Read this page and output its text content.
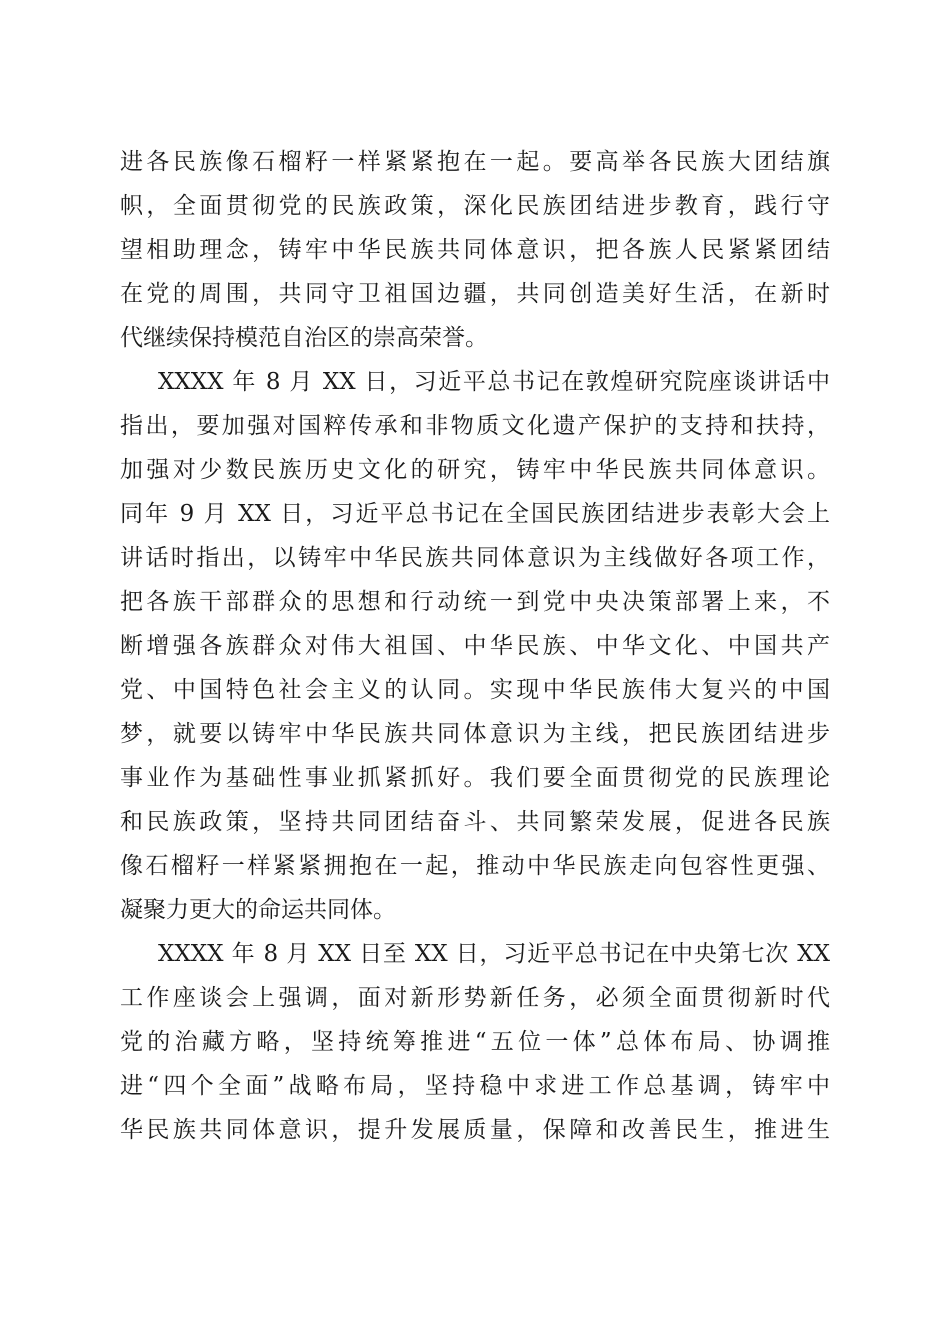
进各民族像石榴籽一样紧紧抱在一起。要高举各民族大团结旗
帜，全面贯彻党的民族政策，深化民族团结进步教育，践行守
望相助理念，铸牢中华民族共同体意识，把各族人民紧紧团结
在党的周围，共同守卫祖国边疆，共同创造美好生活，在新时
代继续保持模范自治区的崇高荣誉。
XXXX 年 8 月 XX 日，习近平总书记在敦煌研究院座谈讲话中
指出，要加强对国粹传承和非物质文化遗产保护的支持和扶持，
加强对少数民族历史文化的研究，铸牢中华民族共同体意识。
同年 9 月 XX 日，习近平总书记在全国民族团结进步表彰大会上
讲话时指出，以铸牢中华民族共同体意识为主线做好各项工作，
把各族干部群众的思想和行动统一到党中央决策部署上来，不
断增强各族群众对伟大祖国、中华民族、中华文化、中国共产
党、中国特色社会主义的认同。实现中华民族伟大复兴的中国
梦，就要以铸牢中华民族共同体意识为主线，把民族团结进步
事业作为基础性事业抓紧抓好。我们要全面贯彻党的民族理论
和民族政策，坚持共同团结奋斗、共同繁荣发展，促进各民族
像石榴籽一样紧紧拥抱在一起，推动中华民族走向包容性更强、
凝聚力更大的命运共同体。
XXXX 年 8 月 XX 日至 XX 日，习近平总书记在中央第七次 XX
工作座谈会上强调，面对新形势新任务，必须全面贯彻新时代
党的治藏方略，坚持统筹推进“五位一体”总体布局、协调推
进“四个全面”战略布局，坚持稳中求进工作总基调，铸牢中
华民族共同体意识，提升发展质量，保障和改善民生，推进生
